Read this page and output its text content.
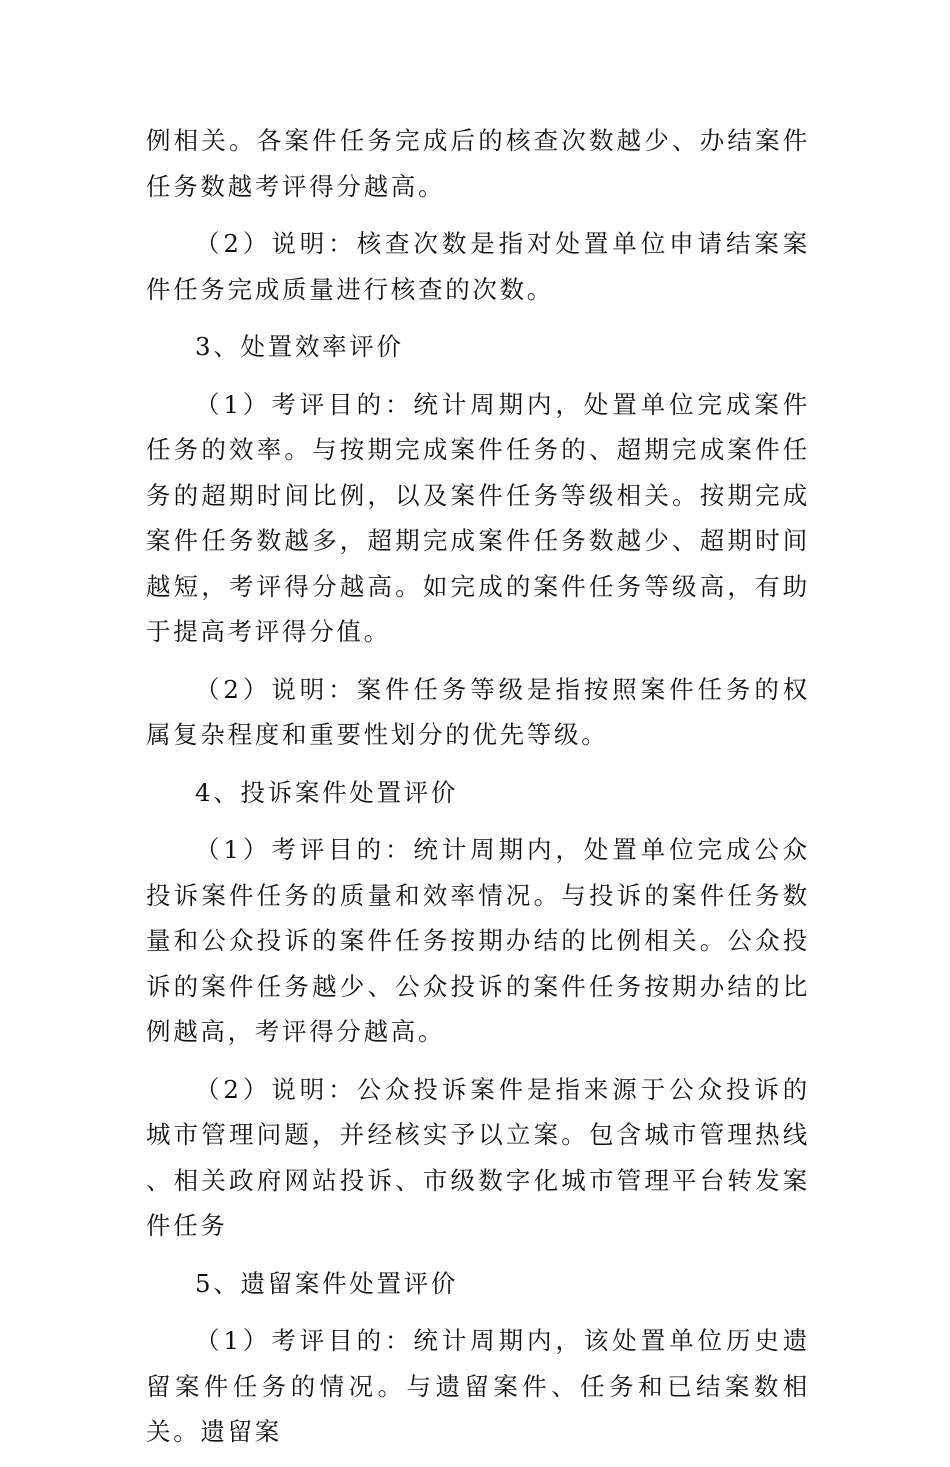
例相关。各案件任务完成后的核查次数越少、办结案件任务数越考评得分越高。

（2）说明：核查次数是指对处置单位申请结案案件任务完成质量进行核查的次数。

3、处置效率评价

（1）考评目的：统计周期内，处置单位完成案件任务的效率。与按期完成案件任务的、超期完成案件任务的超期时间比例，以及案件任务等级相关。按期完成案件任务数越多，超期完成案件任务数越少、超期时间越短，考评得分越高。如完成的案件任务等级高，有助于提高考评得分值。

（2）说明：案件任务等级是指按照案件任务的权属复杂程度和重要性划分的优先等级。

4、投诉案件处置评价

（1）考评目的：统计周期内，处置单位完成公众投诉案件任务的质量和效率情况。与投诉的案件任务数量和公众投诉的案件任务按期办结的比例相关。公众投诉的案件任务越少、公众投诉的案件任务按期办结的比例越高，考评得分越高。

（2）说明：公众投诉案件是指来源于公众投诉的城市管理问题，并经核实予以立案。包含城市管理热线　　、相关政府网站投诉、市级数字化城市管理平台转发案件任务

5、遗留案件处置评价

（1）考评目的：统计周期内，该处置单位历史遗留案件任务的情况。与遗留案件、任务和已结案数相关。遗留案
